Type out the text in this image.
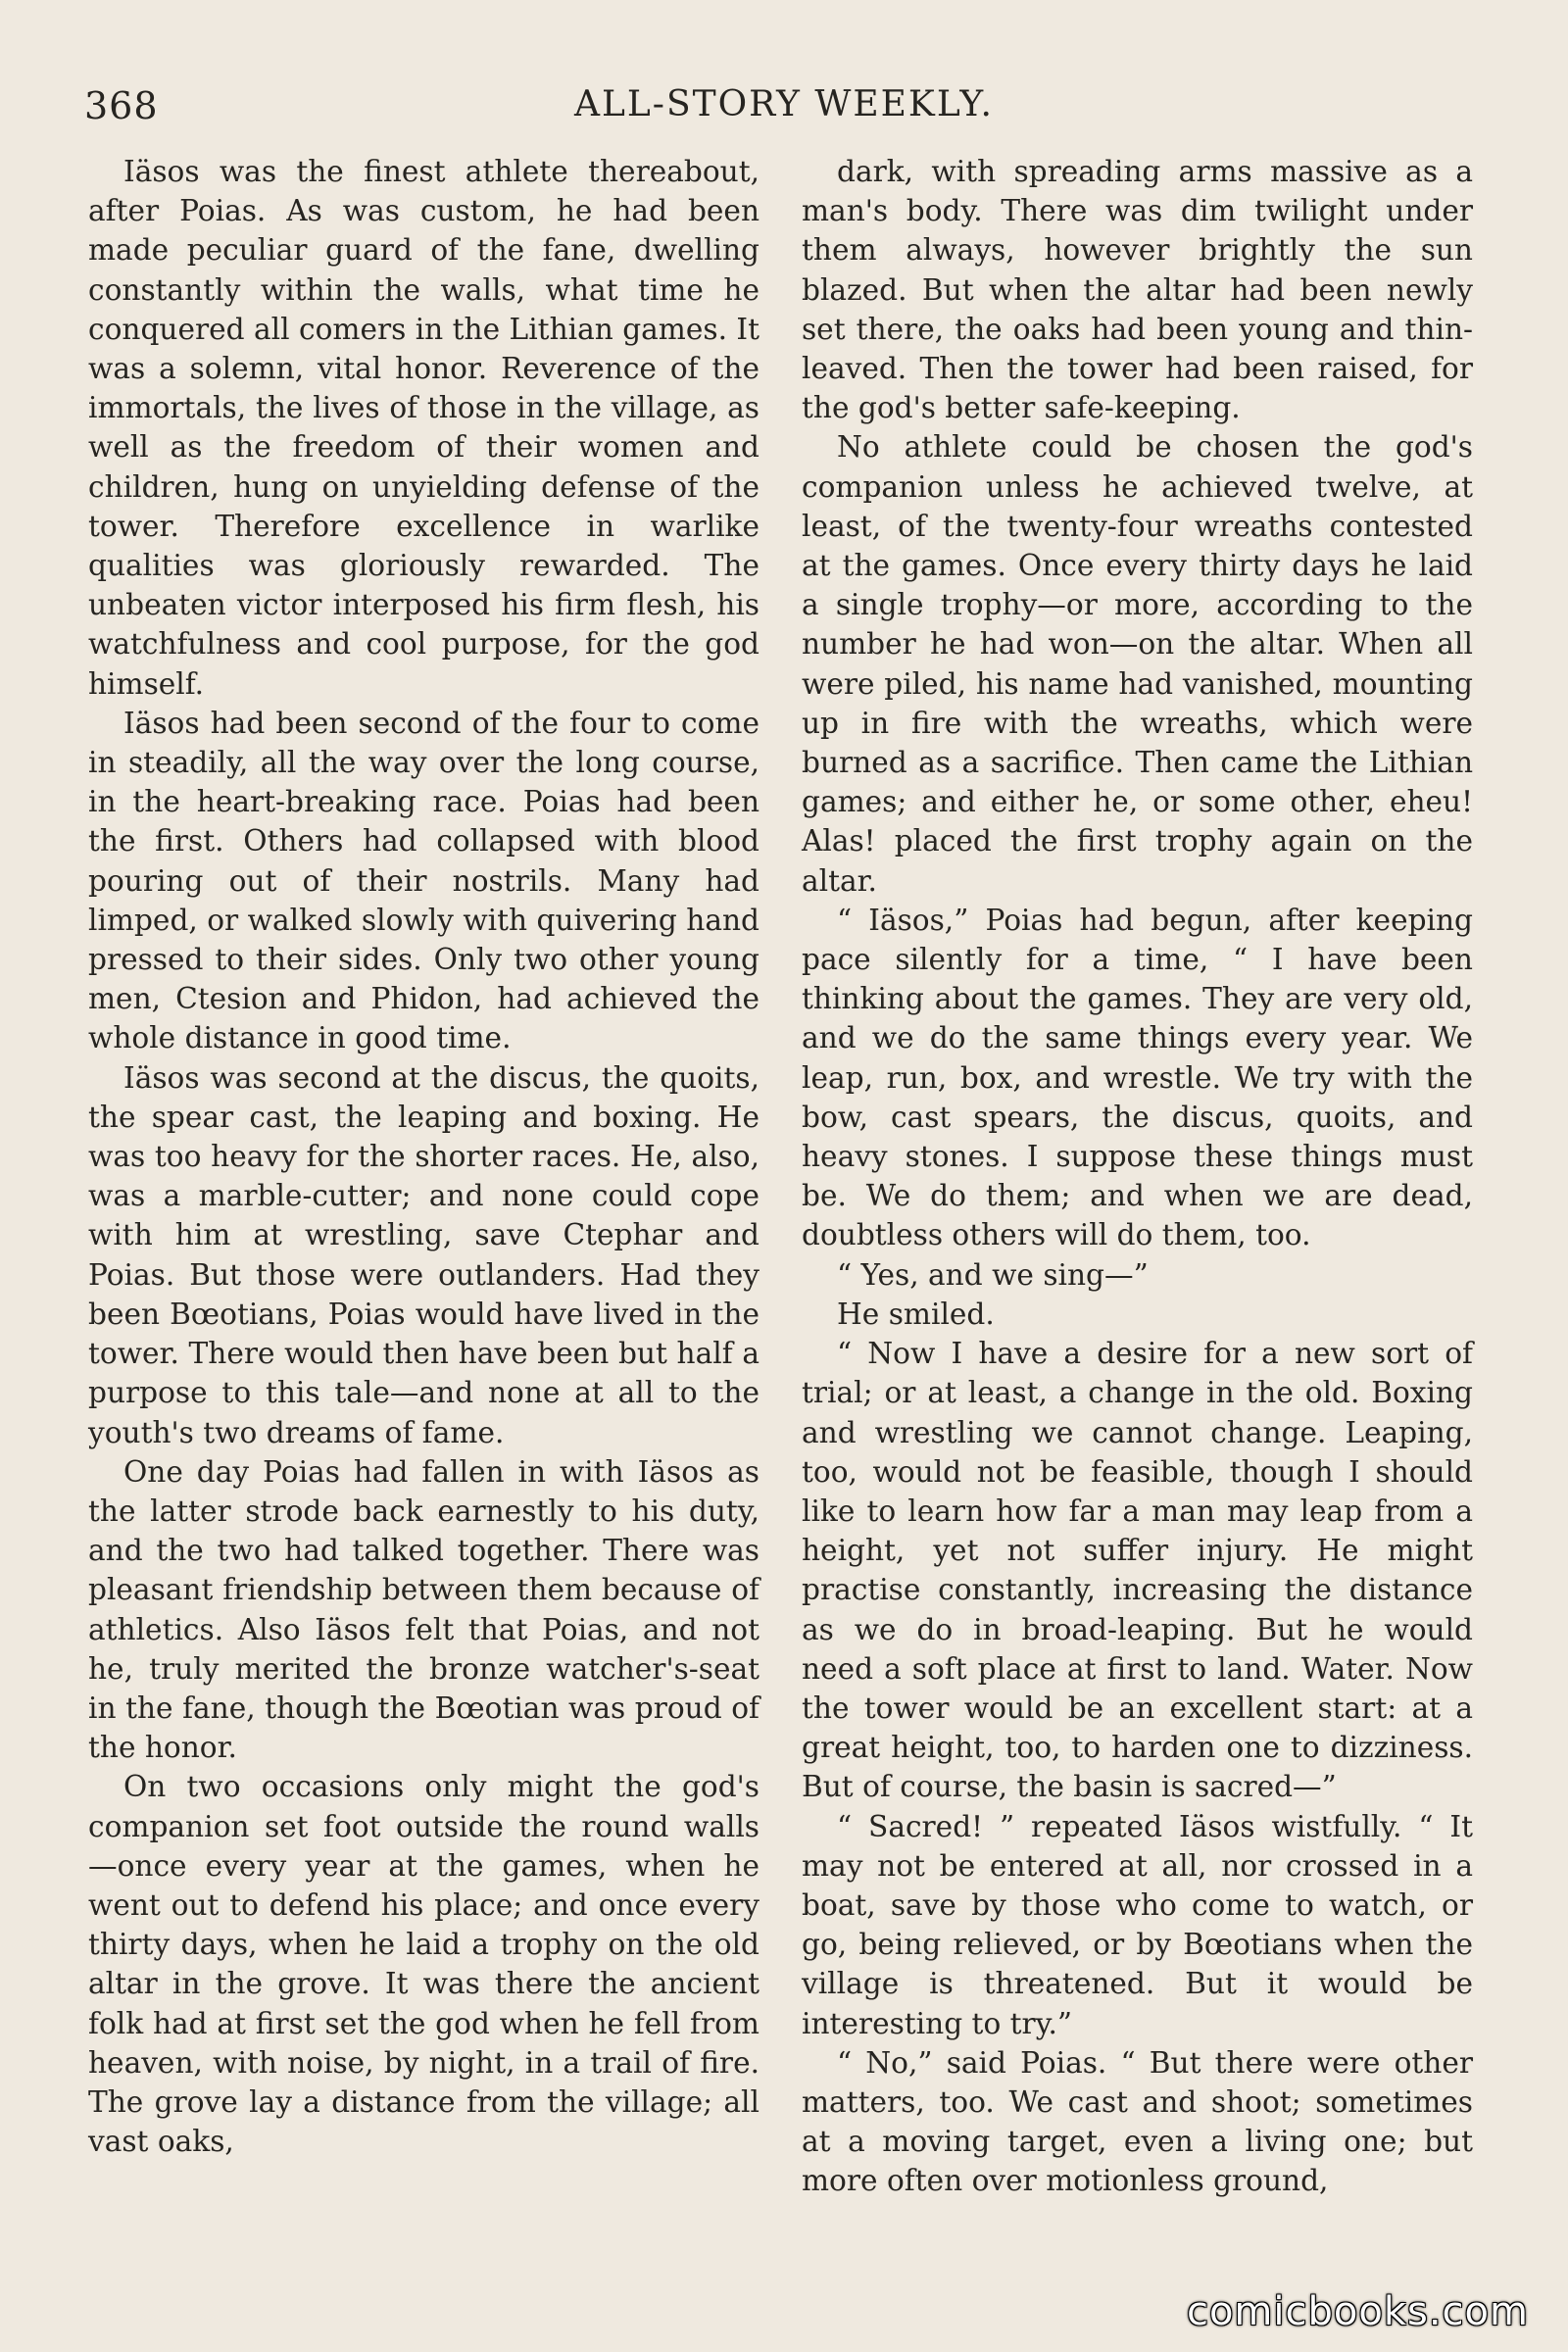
368	ALL-STORY WEEKLY.

Iäsos was the finest athlete thereabout, after Poias. As was custom, he had been made peculiar guard of the fane, dwelling constantly within the walls, what time he conquered all comers in the Lithian games. It was a solemn, vital honor. Reverence of the immortals, the lives of those in the village, as well as the freedom of their women and children, hung on unyielding defense of the tower. Therefore excellence in warlike qualities was gloriously rewarded. The unbeaten victor interposed his firm flesh, his watchfulness and cool purpose, for the god himself.

Iäsos had been second of the four to come in steadily, all the way over the long course, in the heart-breaking race. Poias had been the first. Others had collapsed with blood pouring out of their nostrils. Many had limped, or walked slowly with quivering hand pressed to their sides. Only two other young men, Ctesion and Phidon, had achieved the whole distance in good time.

Iäsos was second at the discus, the quoits, the spear cast, the leaping and boxing. He was too heavy for the shorter races. He, also, was a marble-cutter; and none could cope with him at wrestling, save Ctephar and Poias. But those were outlanders. Had they been Bœotians, Poias would have lived in the tower. There would then have been but half a purpose to this tale—and none at all to the youth's two dreams of fame.

One day Poias had fallen in with Iäsos as the latter strode back earnestly to his duty, and the two had talked together. There was pleasant friendship between them because of athletics. Also Iäsos felt that Poias, and not he, truly merited the bronze watcher's-seat in the fane, though the Bœotian was proud of the honor.

On two occasions only might the god's companion set foot outside the round walls —once every year at the games, when he went out to defend his place; and once every thirty days, when he laid a trophy on the old altar in the grove. It was there the ancient folk had at first set the god when he fell from heaven, with noise, by night, in a trail of fire. The grove lay a distance from the village; all vast oaks,

dark, with spreading arms massive as a man's body. There was dim twilight under them always, however brightly the sun blazed. But when the altar had been newly set there, the oaks had been young and thin-leaved. Then the tower had been raised, for the god's better safe-keeping.

No athlete could be chosen the god's companion unless he achieved twelve, at least, of the twenty-four wreaths contested at the games. Once every thirty days he laid a single trophy—or more, according to the number he had won—on the altar. When all were piled, his name had vanished, mounting up in fire with the wreaths, which were burned as a sacrifice. Then came the Lithian games; and either he, or some other, eheu! Alas! placed the first trophy again on the altar.

“ Iäsos,” Poias had begun, after keeping pace silently for a time, “ I have been thinking about the games. They are very old, and we do the same things every year. We leap, run, box, and wrestle. We try with the bow, cast spears, the discus, quoits, and heavy stones. I suppose these things must be. We do them; and when we are dead, doubtless others will do them, too.

“ Yes, and we sing—”

He smiled.

“ Now I have a desire for a new sort of trial; or at least, a change in the old. Boxing and wrestling we cannot change. Leaping, too, would not be feasible, though I should like to learn how far a man may leap from a height, yet not suffer injury. He might practise constantly, increasing the distance as we do in broad-leaping. But he would need a soft place at first to land. Water. Now the tower would be an excellent start: at a great height, too, to harden one to dizziness. But of course, the basin is sacred—”

“ Sacred! ” repeated Iäsos wistfully. “ It may not be entered at all, nor crossed in a boat, save by those who come to watch, or go, being relieved, or by Bœotians when the village is threatened. But it would be interesting to try.”

“ No,” said Poias. “ But there were other matters, too. We cast and shoot; sometimes at a moving target, even a living one; but more often over motionless ground,

comicbooks.com
